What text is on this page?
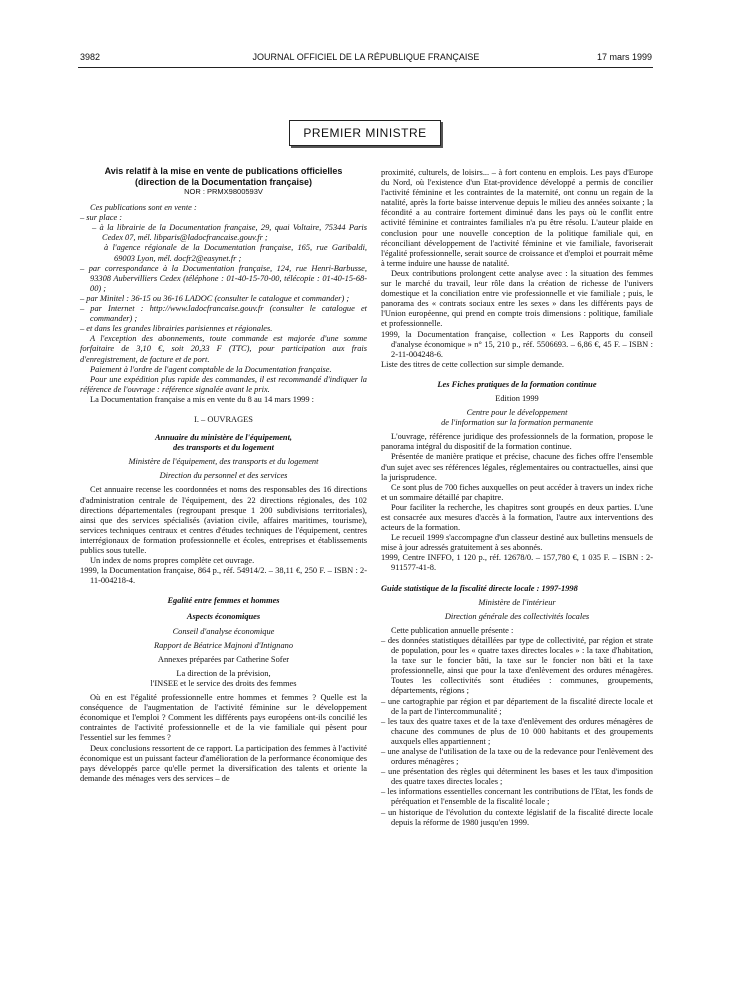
3982	JOURNAL OFFICIEL DE LA RÉPUBLIQUE FRANÇAISE	17 mars 1999
PREMIER MINISTRE
Avis relatif à la mise en vente de publications officielles
(direction de la Documentation française)
NOR : PRMX9800593V

Ces publications sont en vente :

– sur place :

– à la librairie de la Documentation française, 29, quai Voltaire, 75344 Paris Cedex 07, mél. libparis@ladocfrancaise.gouv.fr ;

à l'agence régionale de la Documentation française, 165, rue Garibaldi, 69003 Lyon, mél. docfr2@easynet.fr ;

– par correspondance à la Documentation française, 124, rue Henri-Barbusse, 93308 Aubervilliers Cedex (téléphone : 01-40-15-70-00, télécopie : 01-40-15-68-00) ;

– par Minitel : 36-15 ou 36-16 LADOC (consulter le catalogue et commander) ;

– par Internet : http://www.ladocfrancaise.gouv.fr (consulter le catalogue et commander) ;

– et dans les grandes librairies parisiennes et régionales.

A l'exception des abonnements, toute commande est majorée d'une somme forfaitaire de 3,10 €, soit 20,33 F (TTC), pour participation aux frais d'enregistrement, de facture et de port.

Paiement à l'ordre de l'agent comptable de la Documentation française.

Pour une expédition plus rapide des commandes, il est recommandé d'indiquer la référence de l'ouvrage : référence signalée avant le prix.

La Documentation française a mis en vente du 8 au 14 mars 1999 :

I. – OUVRAGES
Annuaire du ministère de l'équipement,
des transports et du logement
Ministère de l'équipement, des transports et du logement
Direction du personnel et des services

Cet annuaire recense les coordonnées et noms des responsables des 16 directions d'administration centrale de l'équipement, des 22 directions régionales, des 102 directions départementales (regroupant presque 1 200 subdivisions territoriales), ainsi que des services spécialisés (aviation civile, affaires maritimes, tourisme), services techniques centraux et centres d'études techniques de l'équipement, centres interrégionaux de formation professionnelle et écoles, entreprises et établissements publics sous tutelle.

Un index de noms propres complète cet ouvrage.

1999, la Documentation française, 864 p., réf. 54914/2. – 38,11 €, 250 F. – ISBN : 2-11-004218-4.

Egalité entre femmes et hommes
Aspects économiques
Conseil d'analyse économique
Rapport de Béatrice Majnoni d'Intignano
Annexes préparées par Catherine Sofer
La direction de la prévision,
l'INSEE et le service des droits des femmes

Où en est l'égalité professionnelle entre hommes et femmes ? Quelle est la conséquence de l'augmentation de l'activité féminine sur le développement économique et l'emploi ? Comment les différents pays européens ont-ils concilié les contraintes de l'activité professionnelle et de la vie familiale qui pèsent pour l'essentiel sur les femmes ?

Deux conclusions ressortent de ce rapport. La participation des femmes à l'activité économique est un puissant facteur d'amélioration de la performance économique des pays développés parce qu'elle permet la diversification des talents et oriente la demande des ménages vers des services – de

proximité, culturels, de loisirs... – à fort contenu en emplois. Les pays d'Europe du Nord, où l'existence d'un Etat-providence développé a permis de concilier l'activité féminine et les contraintes de la maternité, ont connu un regain de la natalité, après la forte baisse intervenue depuis le milieu des années soixante ; la fécondité a au contraire fortement diminué dans les pays où le conflit entre activité féminine et contraintes familiales n'a pu être résolu. L'auteur plaide en conclusion pour une nouvelle conception de la politique familiale qui, en réconciliant développement de l'activité féminine et vie familiale, favoriserait l'égalité professionnelle, serait source de croissance et d'emploi et pourrait même à terme induire une hausse de natalité.

Deux contributions prolongent cette analyse avec : la situation des femmes sur le marché du travail, leur rôle dans la création de richesse de l'univers domestique et la conciliation entre vie professionnelle et vie familiale ; puis, le panorama des « contrats sociaux entre les sexes » dans les différents pays de l'Union européenne, qui prend en compte trois dimensions : politique, familiale et professionnelle.

1999, la Documentation française, collection « Les Rapports du conseil d'analyse économique » n° 15, 210 p., réf. 5506693. – 6,86 €, 45 F. – ISBN : 2-11-004248-6.

Liste des titres de cette collection sur simple demande.

Les Fiches pratiques de la formation continue
Edition 1999
Centre pour le développement
de l'information sur la formation permanente

L'ouvrage, référence juridique des professionnels de la formation, propose le panorama intégral du dispositif de la formation continue.

Présentée de manière pratique et précise, chacune des fiches offre l'ensemble d'un sujet avec ses références légales, réglementaires ou contractuelles, ainsi que la jurisprudence.

Ce sont plus de 700 fiches auxquelles on peut accéder à travers un index riche et un sommaire détaillé par chapitre.

Pour faciliter la recherche, les chapitres sont groupés en deux parties. L'une est consacrée aux mesures d'accès à la formation, l'autre aux interventions des acteurs de la formation.

Le recueil 1999 s'accompagne d'un classeur destiné aux bulletins mensuels de mise à jour adressés gratuitement à ses abonnés.

1999, Centre INFFO, 1 120 p., réf. 12678/0. – 157,780 €, 1 035 F. – ISBN : 2-911577-41-8.

Guide statistique de la fiscalité directe locale : 1997-1998
Ministère de l'intérieur
Direction générale des collectivités locales

Cette publication annuelle présente :

– des données statistiques détaillées par type de collectivité, par région et strate de population, pour les « quatre taxes directes locales » : la taxe d'habitation, la taxe sur le foncier bâti, la taxe sur le foncier non bâti et la taxe professionnelle, ainsi que pour la taxe d'enlèvement des ordures ménagères. Toutes les collectivités sont étudiées : communes, groupements, départements, régions ;

– une cartographie par région et par département de la fiscalité directe locale et de la part de l'intercommunalité ;

– les taux des quatre taxes et de la taxe d'enlèvement des ordures ménagères de chacune des communes de plus de 10 000 habitants et des groupements auxquels elles appartiennent ;

– une analyse de l'utilisation de la taxe ou de la redevance pour l'enlèvement des ordures ménagères ;

– une présentation des règles qui déterminent les bases et les taux d'imposition des quatre taxes directes locales ;

– les informations essentielles concernant les contributions de l'Etat, les fonds de péréquation et l'ensemble de la fiscalité locale ;

– un historique de l'évolution du contexte législatif de la fiscalité directe locale depuis la réforme de 1980 jusqu'en 1999.
